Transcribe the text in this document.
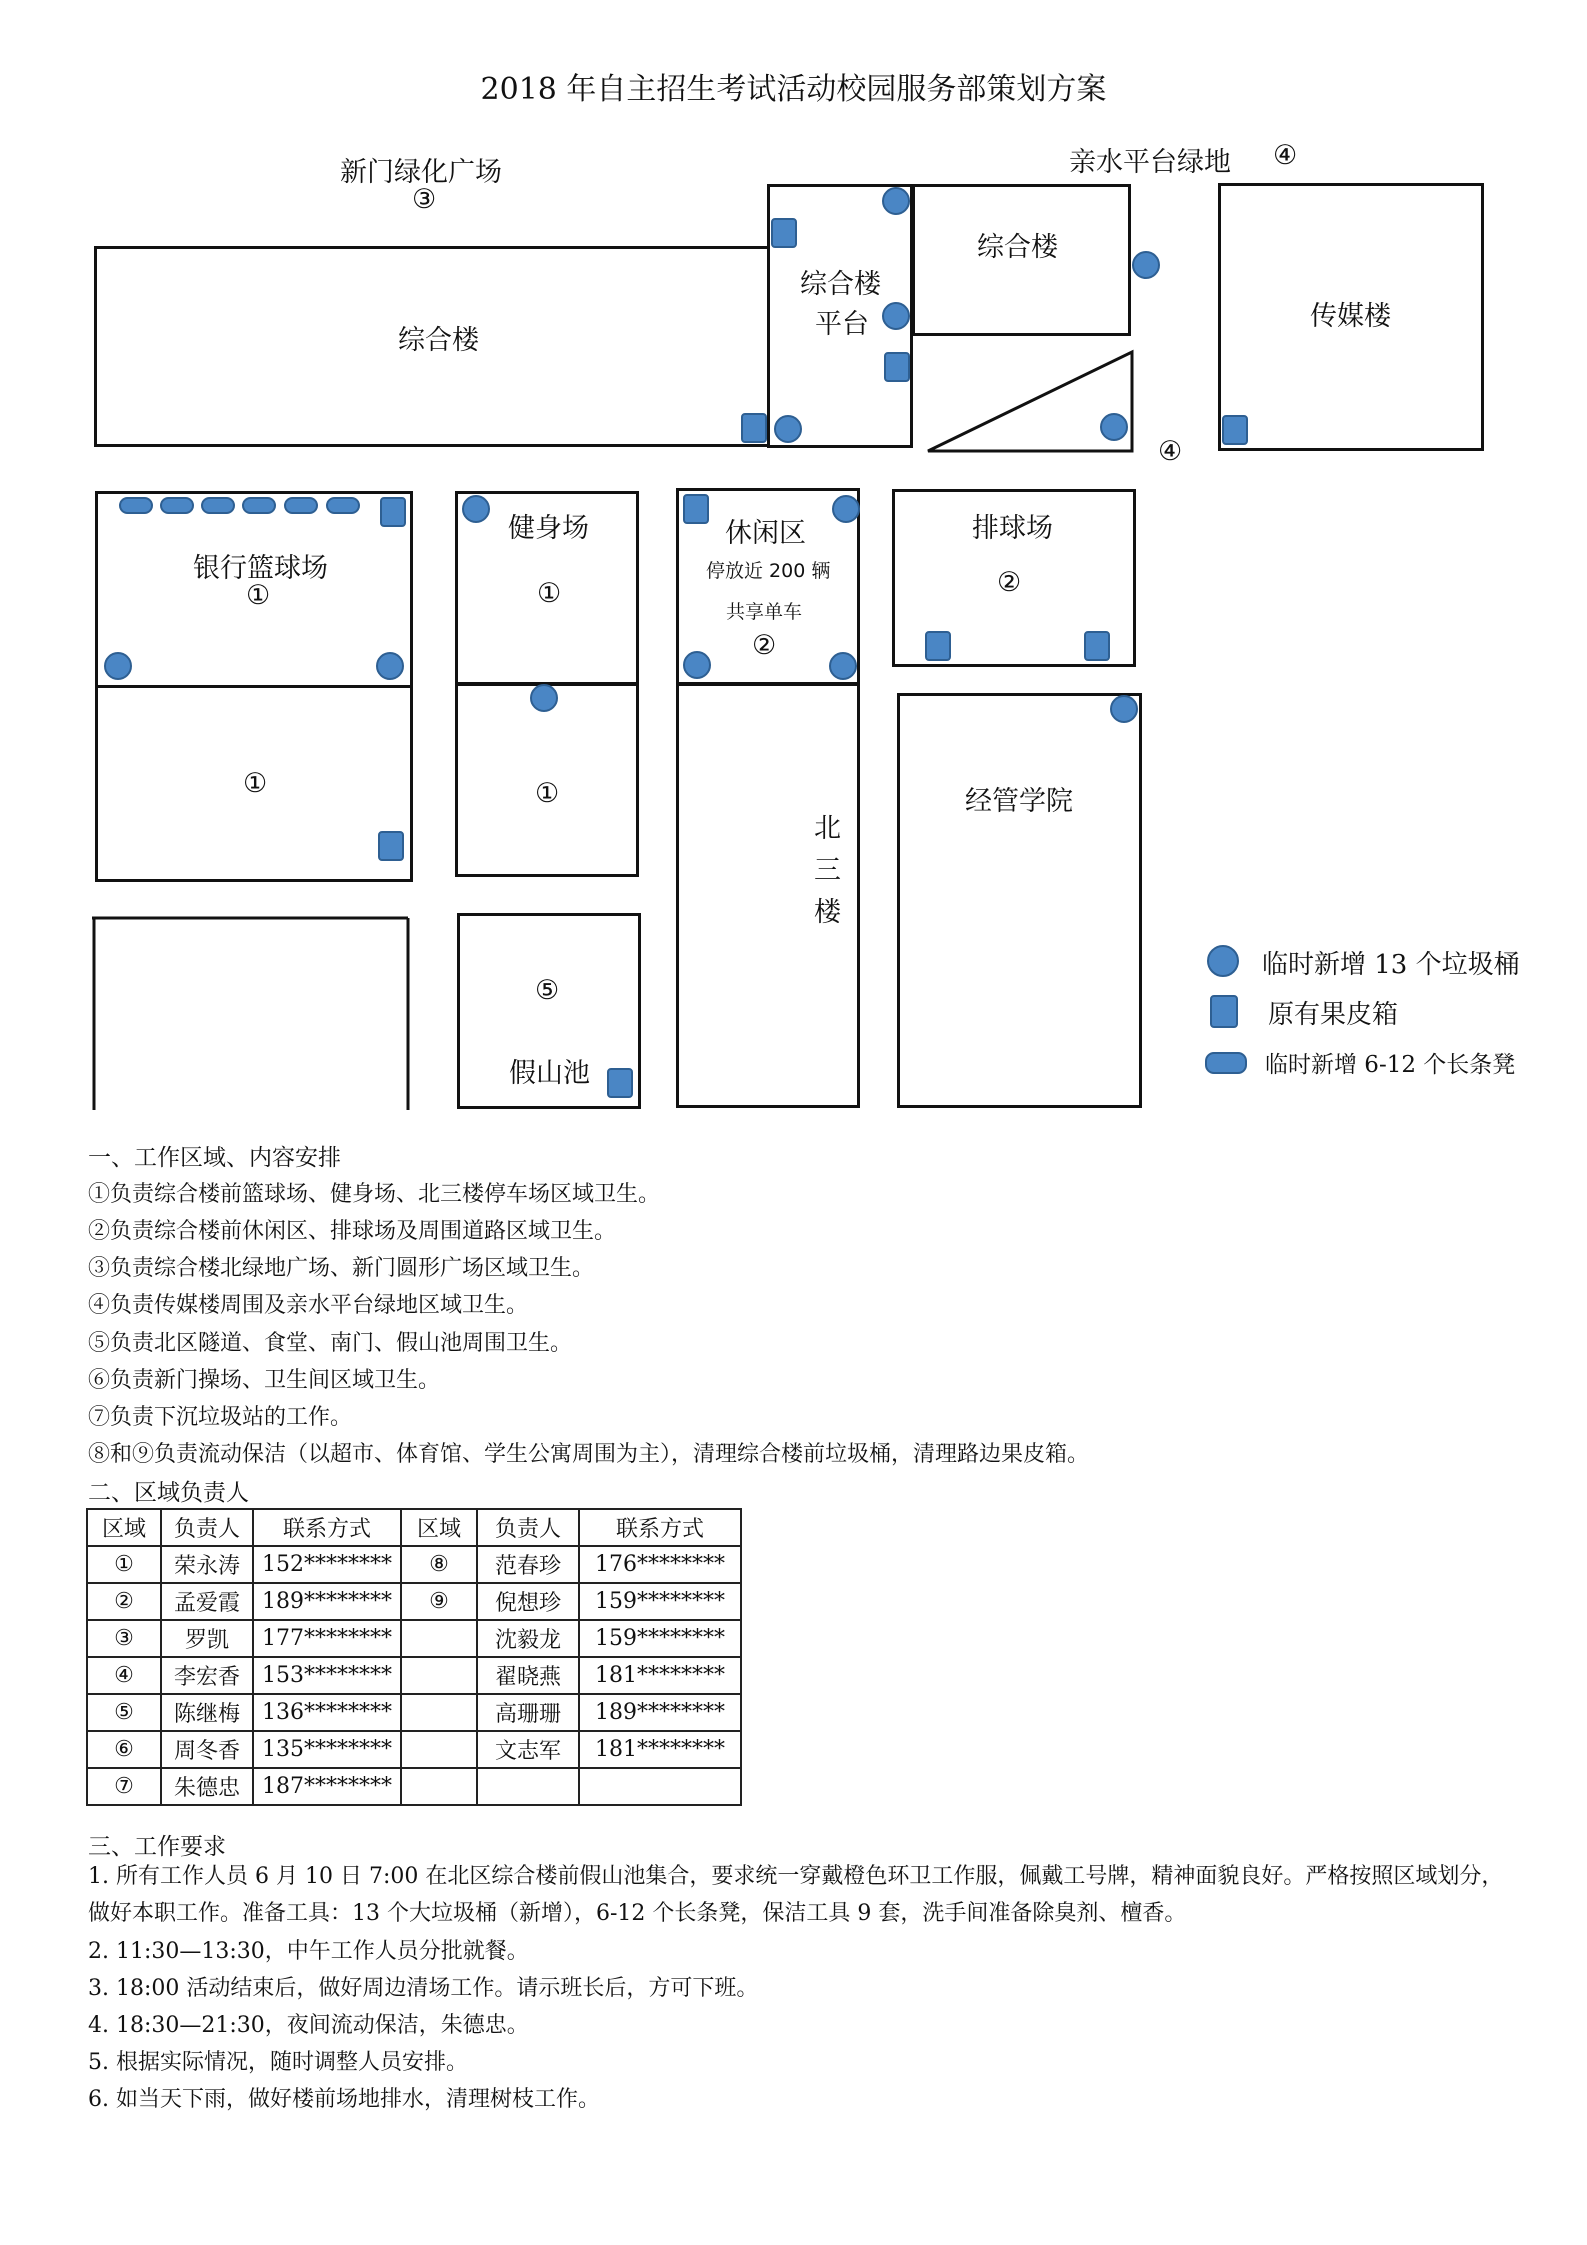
2018 年自主招生考试活动校园服务部策划方案
新门绿化广场
③
亲水平台绿地 ④
综合楼
综合楼
平台
综合楼
④
传媒楼
银行篮球场
①
①
健身场
①
①
休闲区
停放近 200 辆
共享单车
②
北
三
楼
排球场
②
经管学院
⑤
假山池
临时新增 13 个垃圾桶
原有果皮箱
临时新增 6-12 个长条凳
一、工作区域、内容安排
①负责综合楼前篮球场、健身场、北三楼停车场区域卫生。
②负责综合楼前休闲区、排球场及周围道路区域卫生。
③负责综合楼北绿地广场、新门圆形广场区域卫生。
④负责传媒楼周围及亲水平台绿地区域卫生。
⑤负责北区隧道、食堂、南门、假山池周围卫生。
⑥负责新门操场、卫生间区域卫生。
⑦负责下沉垃圾站的工作。
⑧和⑨负责流动保洁（以超市、体育馆、学生公寓周围为主），清理综合楼前垃圾桶，清理路边果皮箱。
二、区域负责人
区域	负责人	联系方式	区域	负责人	联系方式
①	荣永涛	152********	⑧	范春珍	176********
②	孟爱霞	189********	⑨	倪想珍	159********
③	罗凯	177********		沈毅龙	159********
④	李宏香	153********		翟晓燕	181********
⑤	陈继梅	136********		高珊珊	189********
⑥	周冬香	135********		文志军	181********
⑦	朱德忠	187********			
三、工作要求
1. 所有工作人员 6 月 10 日 7:00 在北区综合楼前假山池集合，要求统一穿戴橙色环卫工作服，佩戴工号牌，精神面貌良好。严格按照区域划分，做好本职工作。准备工具：13 个大垃圾桶（新增），6-12 个长条凳，保洁工具 9 套，洗手间准备除臭剂、檀香。
2. 11:30—13:30，中午工作人员分批就餐。
3. 18:00 活动结束后，做好周边清场工作。请示班长后，方可下班。
4. 18:30—21:30，夜间流动保洁，朱德忠。
5. 根据实际情况，随时调整人员安排。
6. 如当天下雨，做好楼前场地排水，清理树枝工作。
